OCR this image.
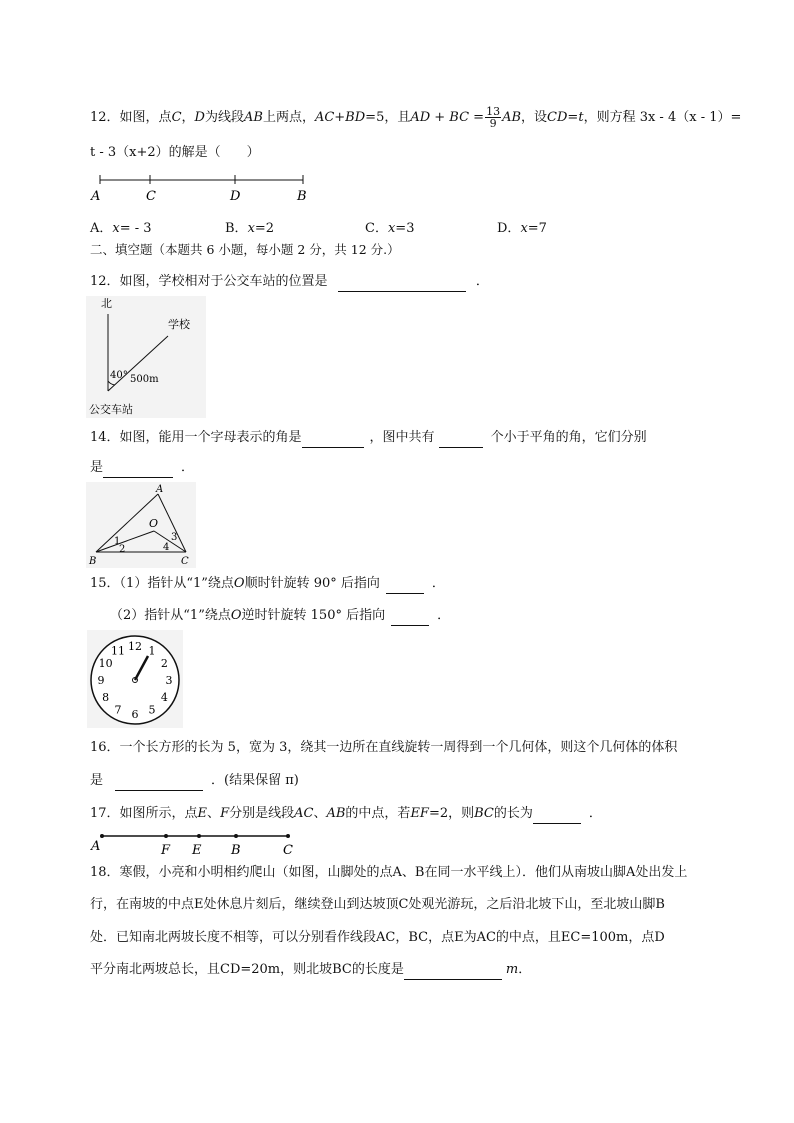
12．如图，点C，D为线段AB上两点，AC+BD=5，且AD + BC = $\frac{13}{9}$ AB，设CD=t，则方程 3x - 4（x - 1）=
t - 3（x+2）的解是（　　）
A	C	D	B
A．x= - 3	B．x=2	C．x=3	D．x=7
二、填空题（本题共 6 小题，每小题 2 分，共 12 分.）
12．如图，学校相对于公交车站的位置是	．
北
学校
40° 500m
公交车站
14．如图，能用一个字母表示的角是	，图中共有	个小于平角的角，它们分别
是	．
A
O
B	C
1
2
3
4
15．（1）指针从“1”绕点O顺时针旋转 90° 后指向	．
（2）指针从“1”绕点O逆时针旋转 150° 后指向	．
12 1
2
3
4
5
6
7
8
9
10
11
16．一个长方形的长为 5，宽为 3，绕其一边所在直线旋转一周得到一个几何体，则这个几何体的体积
是	．(结果保留 π)
17．如图所示，点E、F分别是线段AC、AB的中点，若EF=2，则BC的长为	．
A	F E B	C
18．寒假，小亮和小明相约爬山（如图，山脚处的点A、B在同一水平线上）．他们从南坡山脚A处出发上
行，在南坡的中点E处休息片刻后，继续登山到达坡顶C处观光游玩，之后沿北坡下山，至北坡山脚B
处．已知南北两坡长度不相等，可以分别看作线段AC，BC，点E为AC的中点，且EC=100m，点D
平分南北两坡总长，且CD=20m，则北坡BC的长度是	m．
